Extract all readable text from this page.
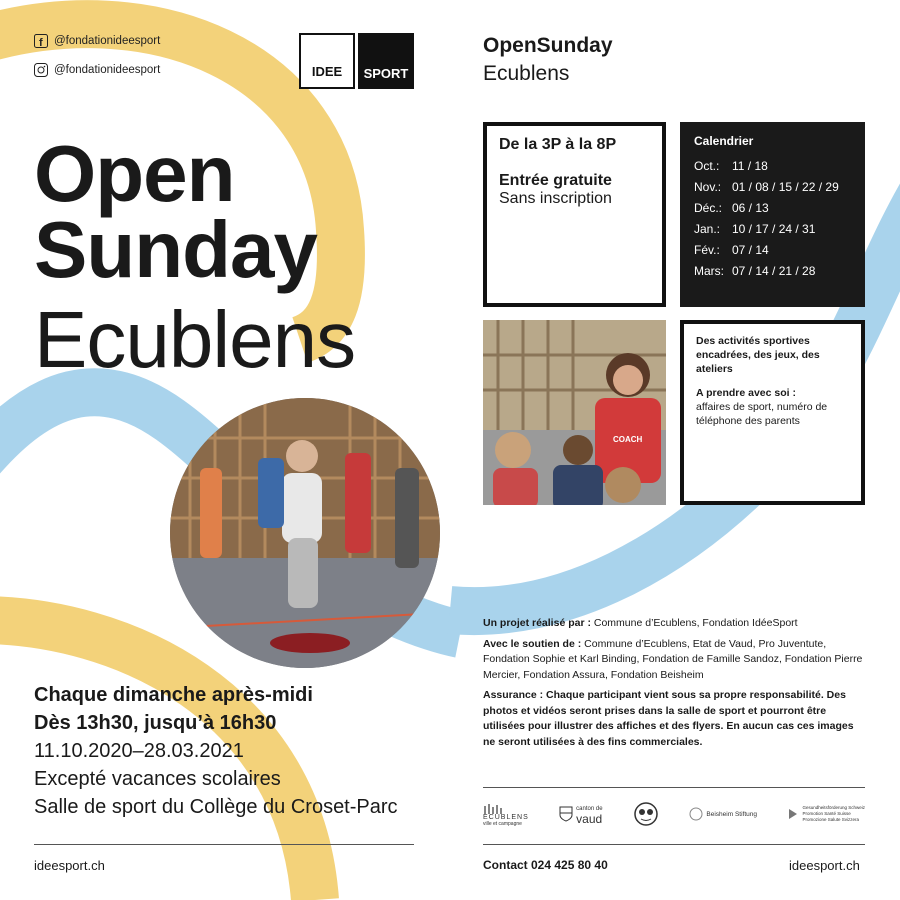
f @fondationideesport
@fondationideesport	IDEE	SPORT
Open
Sunday
Ecublens
Chaque dimanche après-midi
Dès 13h30, jusqu’à 16h30
11.10.2020–28.03.2021
Excepté vacances scolaires
Salle de sport du Collège du Croset-Parc
ideesport.ch
OpenSunday
Ecublens
De la 3P à la 8P
Entrée gratuite
Sans inscription
Calendrier
Oct.:	11 / 18
Nov.: 01 / 08 / 15 / 22 / 29
Déc.: 06 / 13
Jan.: 10 / 17 / 24 / 31
Fév.:	07 / 14
Mars: 07 / 14 / 21 / 28
COACH
Des activités sportives encadrées, des jeux, des ateliers
A prendre avec soi :
affaires de sport, numéro de téléphone des parents

Un projet réalisé par : Commune d’Ecublens, Fondation IdéeSport

Avec le soutien de : Commune d’Ecublens, Etat de Vaud, Pro Juventute, Fondation Sophie et Karl Binding, Fondation de Famille Sandoz, Fondation Pierre Mercier, Fondation Assura, Fondation Beisheim

Assurance : Chaque participant vient sous sa propre responsabilité. Des photos et vidéos seront prises dans la salle de sport et pourront être utilisées pour illustrer des affiches et des flyers. En aucun cas ces images ne seront utilisées à des fins commerciales.

ECUBLENS
ville et campagne
canton de
vaud	Beisheim Stiftung
Gesundheitsförderung Schweiz
Promotion Santé Suisse
Promozione Salute Svizzera
Contact 024 425 80 40	ideesport.ch
